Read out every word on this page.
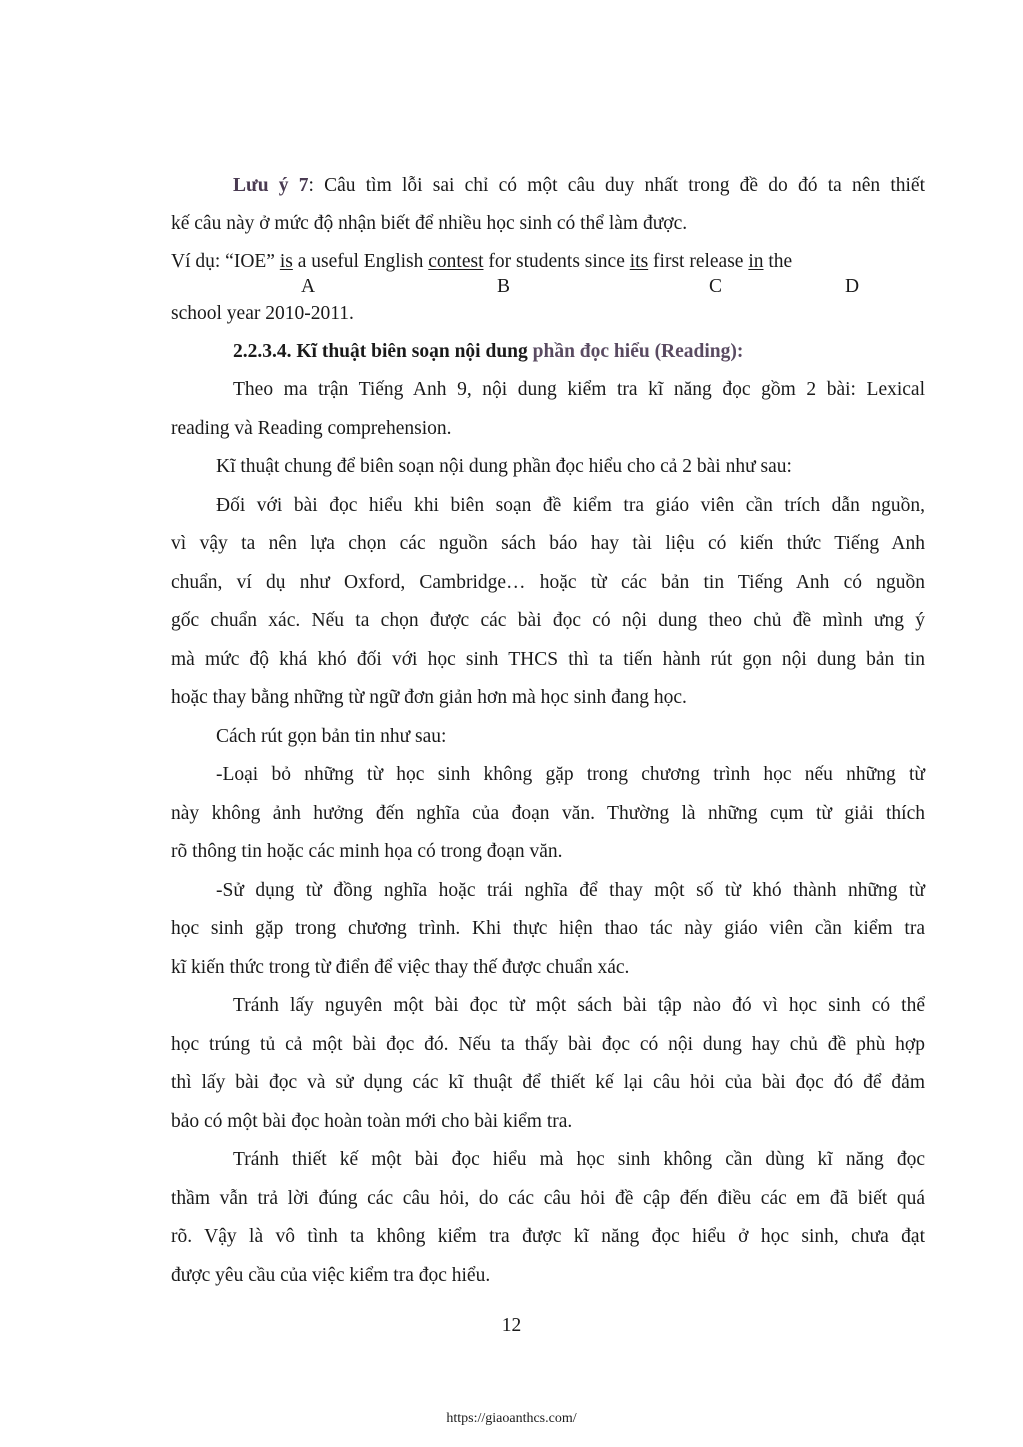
Lưu ý 7: Câu tìm lỗi sai chỉ có một câu duy nhất trong đề do đó ta nên thiết
kế câu này ở mức độ nhận biết để nhiều học sinh có thể làm được.
Ví dụ: “IOE” is a useful English contest for students since its first release in the
A	B	C	D
school year 2010-2011.
2.2.3.4. Kĩ thuật biên soạn nội dung phần đọc hiểu (Reading):
Theo ma trận Tiếng Anh 9, nội dung kiểm tra kĩ năng đọc gồm 2 bài: Lexical
reading và Reading comprehension.
Kĩ thuật chung để biên soạn nội dung phần đọc hiểu cho cả 2 bài như sau:
Đối với bài đọc hiểu khi biên soạn đề kiểm tra giáo viên cần trích dẫn nguồn,
vì vậy ta nên lựa chọn các nguồn sách báo hay tài liệu có kiến thức Tiếng Anh
chuẩn, ví dụ như Oxford, Cambridge… hoặc từ các bản tin Tiếng Anh có nguồn
gốc chuẩn xác. Nếu ta chọn được các bài đọc có nội dung theo chủ đề mình ưng ý
mà mức độ khá khó đối với học sinh THCS thì ta tiến hành rút gọn nội dung bản tin
hoặc thay bằng những từ ngữ đơn giản hơn mà học sinh đang học.
Cách rút gọn bản tin như sau:
-Loại bỏ những từ học sinh không gặp trong chương trình học nếu những từ
này không ảnh hưởng đến nghĩa của đoạn văn. Thường là những cụm từ giải thích
rõ thông tin hoặc các minh họa có trong đoạn văn.
-Sử dụng từ đồng nghĩa hoặc trái nghĩa để thay một số từ khó thành những từ
học sinh gặp trong chương trình. Khi thực hiện thao tác này giáo viên cần kiểm tra
kĩ kiến thức trong từ điển để việc thay thế được chuẩn xác.
Tránh lấy nguyên một bài đọc từ một sách bài tập nào đó vì học sinh có thể
học trúng tủ cả một bài đọc đó. Nếu ta thấy bài đọc có nội dung hay chủ đề phù hợp
thì lấy bài đọc và sử dụng các kĩ thuật để thiết kế lại câu hỏi của bài đọc đó để đảm
bảo có một bài đọc hoàn toàn mới cho bài kiểm tra.
Tránh thiết kế một bài đọc hiểu mà học sinh không cần dùng kĩ năng đọc
thầm vẫn trả lời đúng các câu hỏi, do các câu hỏi đề cập đến điều các em đã biết quá
rõ. Vậy là vô tình ta không kiểm tra được kĩ năng đọc hiểu ở học sinh, chưa đạt
được yêu cầu của việc kiểm tra đọc hiểu.
12
https://giaoanthcs.com/
